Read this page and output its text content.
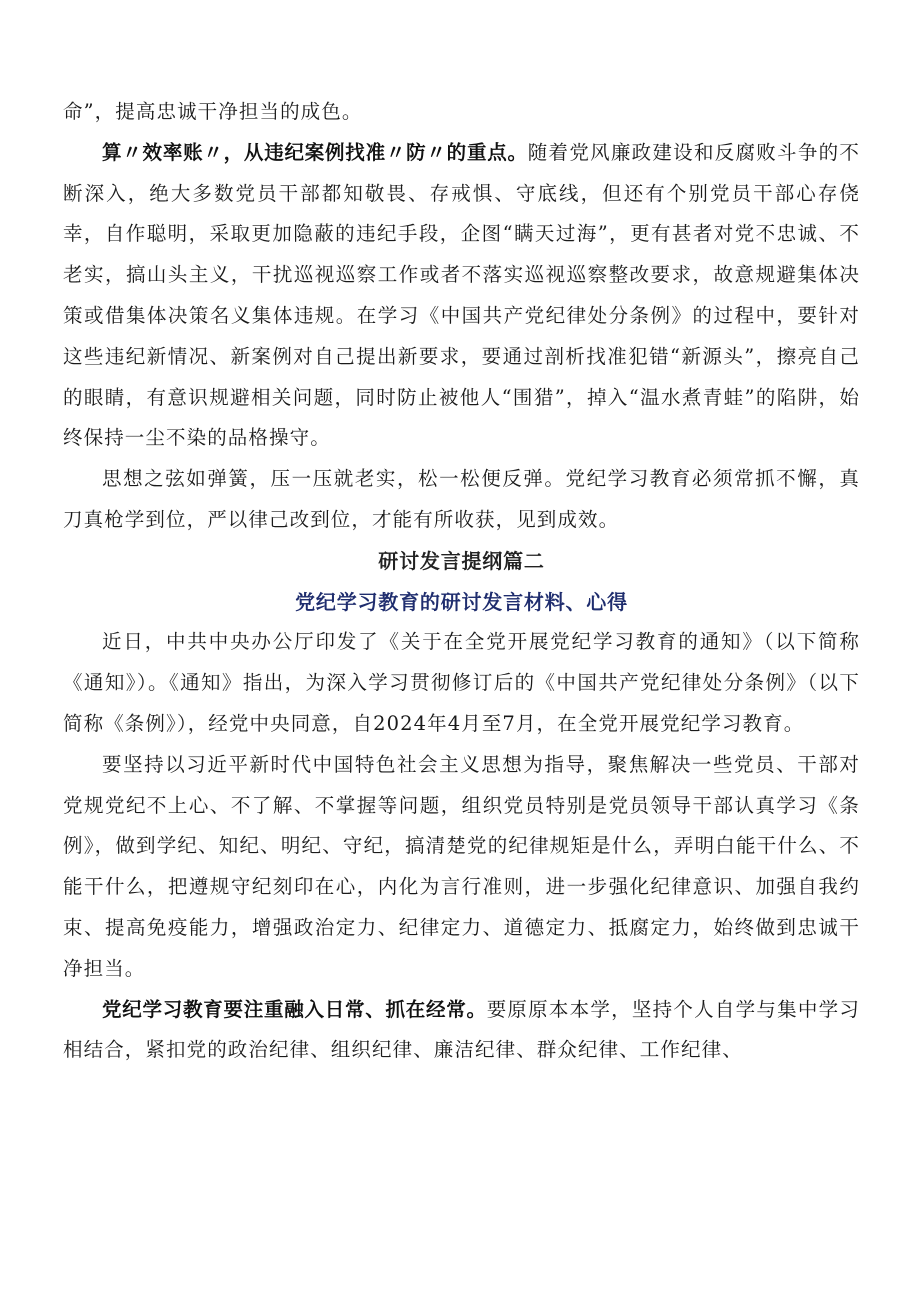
命”，提高忠诚干净担当的成色。

算〃效率账〃，从违纪案例找准〃防〃的重点。随着党风廉政建设和反腐败斗争的不断深入，绝大多数党员干部都知敬畏、存戒惧、守底线，但还有个别党员干部心存侥幸，自作聪明，采取更加隐蔽的违纪手段，企图“瞒天过海”，更有甚者对党不忠诚、不老实，搞山头主义，干扰巡视巡察工作或者不落实巡视巡察整改要求，故意规避集体决策或借集体决策名义集体违规。在学习《中国共产党纪律处分条例》的过程中，要针对这些违纪新情况、新案例对自己提出新要求，要通过剖析找准犯错“新源头”，擦亮自己的眼睛，有意识规避相关问题，同时防止被他人“围猎”，掉入“温水煮青蛙”的陷阱，始终保持一尘不染的品格操守。

思想之弦如弹簧，压一压就老实，松一松便反弹。党纪学习教育必须常抓不懈，真刀真枪学到位，严以律己改到位，才能有所收获，见到成效。

研讨发言提纲篇二
党纪学习教育的研讨发言材料、心得

近日，中共中央办公厅印发了《关于在全党开展党纪学习教育的通知》（以下简称《通知》）。《通知》指出，为深入学习贯彻修订后的《中国共产党纪律处分条例》（以下简称《条例》），经党中央同意，自2024年4月至7月，在全党开展党纪学习教育。

要坚持以习近平新时代中国特色社会主义思想为指导，聚焦解决一些党员、干部对党规党纪不上心、不了解、不掌握等问题，组织党员特别是党员领导干部认真学习《条例》，做到学纪、知纪、明纪、守纪，搞清楚党的纪律规矩是什么，弄明白能干什么、不能干什么，把遵规守纪刻印在心，内化为言行准则，进一步强化纪律意识、加强自我约束、提高免疫能力，增强政治定力、纪律定力、道德定力、抵腐定力，始终做到忠诚干净担当。

党纪学习教育要注重融入日常、抓在经常。要原原本本学，坚持个人自学与集中学习相结合，紧扣党的政治纪律、组织纪律、廉洁纪律、群众纪律、工作纪律、
